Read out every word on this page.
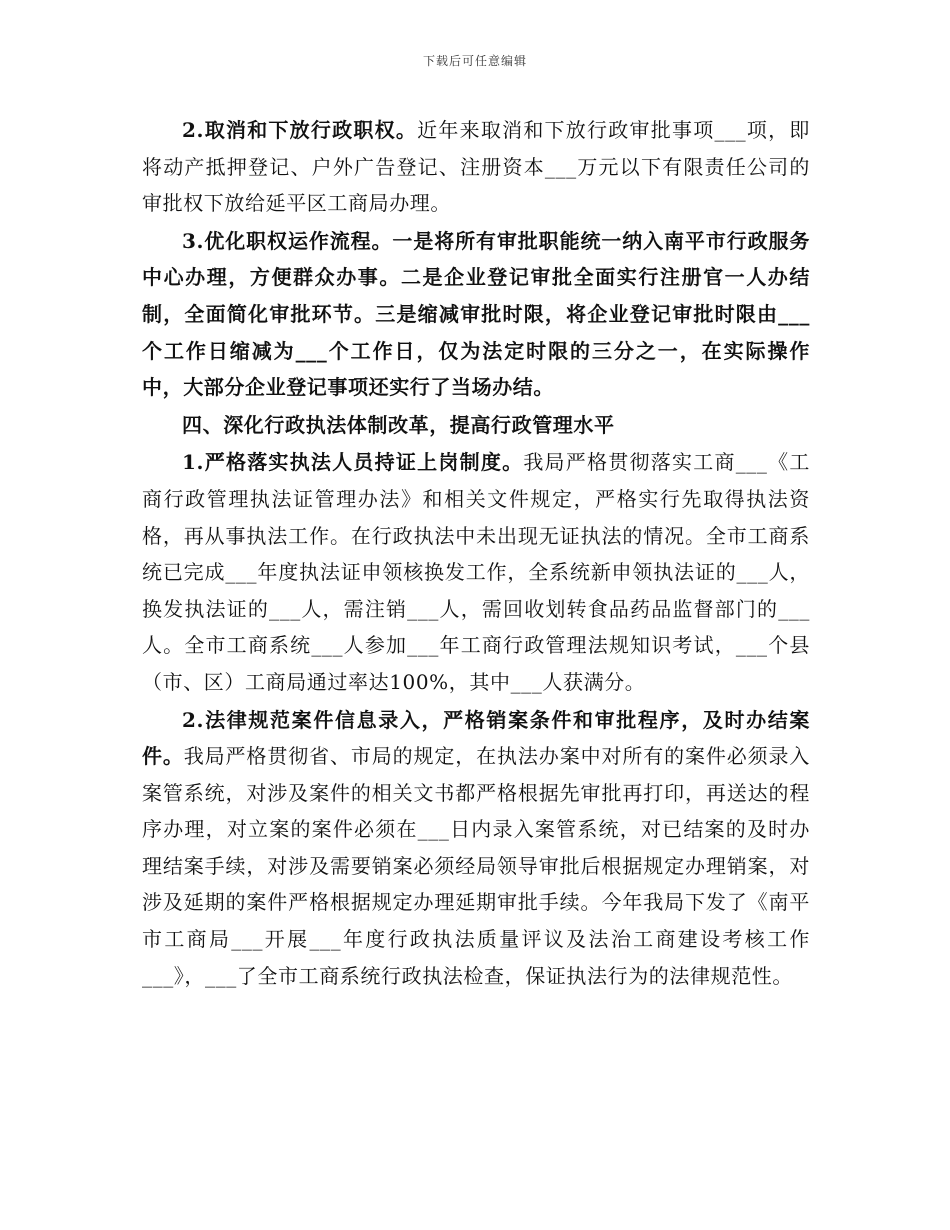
下载后可任意编辑

2.取消和下放行政职权。近年来取消和下放行政审批事项___项，即将动产抵押登记、户外广告登记、注册资本___万元以下有限责任公司的审批权下放给延平区工商局办理。

3.优化职权运作流程。一是将所有审批职能统一纳入南平市行政服务中心办理，方便群众办事。二是企业登记审批全面实行注册官一人办结制，全面简化审批环节。三是缩减审批时限，将企业登记审批时限由___个工作日缩减为___个工作日，仅为法定时限的三分之一，在实际操作中，大部分企业登记事项还实行了当场办结。

四、深化行政执法体制改革，提高行政管理水平

1.严格落实执法人员持证上岗制度。我局严格贯彻落实工商___《工商行政管理执法证管理办法》和相关文件规定，严格实行先取得执法资格，再从事执法工作。在行政执法中未出现无证执法的情况。全市工商系统已完成___年度执法证申领核换发工作，全系统新申领执法证的___人，换发执法证的___人，需注销___人，需回收划转食品药品监督部门的___人。全市工商系统___人参加___年工商行政管理法规知识考试，___个县（市、区）工商局通过率达100%，其中___人获满分。

2.法律规范案件信息录入，严格销案条件和审批程序，及时办结案件。我局严格贯彻省、市局的规定，在执法办案中对所有的案件必须录入案管系统，对涉及案件的相关文书都严格根据先审批再打印，再送达的程序办理，对立案的案件必须在___日内录入案管系统，对已结案的及时办理结案手续，对涉及需要销案必须经局领导审批后根据规定办理销案，对涉及延期的案件严格根据规定办理延期审批手续。今年我局下发了《南平市工商局___开展___年度行政执法质量评议及法治工商建设考核工作___》，___了全市工商系统行政执法检查，保证执法行为的法律规范性。
